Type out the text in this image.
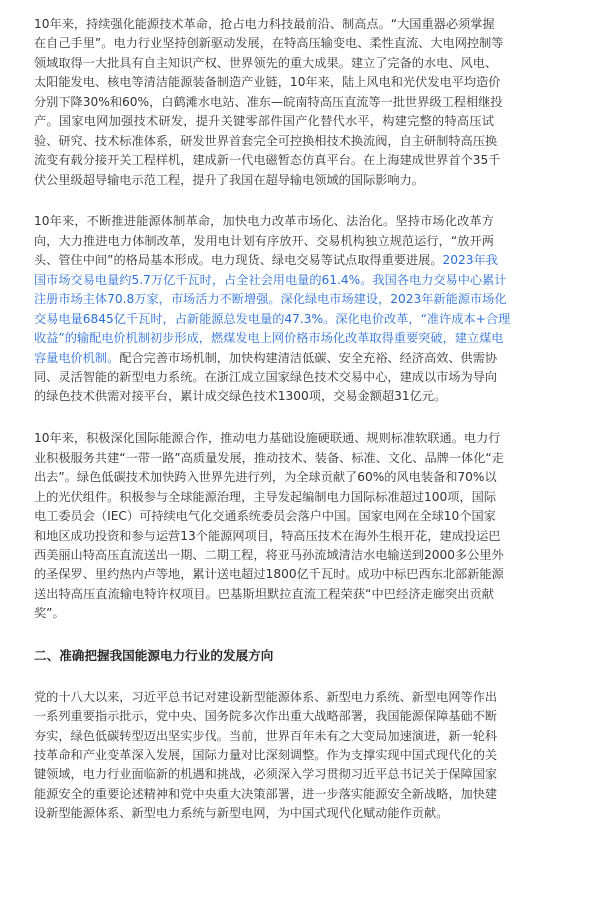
10年来，持续强化能源技术革命，抢占电力科技最前沿、制高点。“大国重器必须掌握
在自己手里”。电力行业坚持创新驱动发展，在特高压输变电、柔性直流、大电网控制等
领域取得一大批具有自主知识产权、世界领先的重大成果。建立了完备的水电、风电、
太阳能发电、核电等清洁能源装备制造产业链，10年来，陆上风电和光伏发电平均造价
分别下降30%和60%，白鹤滩水电站、准东—皖南特高压直流等一批世界级工程相继投
产。国家电网加强技术研发，提升关键零部件国产化替代水平，构建完整的特高压试
验、研究、技术标准体系，研发世界首套完全可控换相技术换流阀，自主研制特高压换
流变有载分接开关工程样机，建成新一代电磁暂态仿真平台。在上海建成世界首个35千
伏公里级超导输电示范工程，提升了我国在超导输电领域的国际影响力。
10年来，不断推进能源体制革命，加快电力改革市场化、法治化。坚持市场化改革方
向，大力推进电力体制改革，发用电计划有序放开、交易机构独立规范运行，“放开两
头、管住中间”的格局基本形成。电力现货、绿电交易等试点取得重要进展。2023年我
国市场交易电量约5.7万亿千瓦时，占全社会用电量的61.4%。我国各电力交易中心累计
注册市场主体70.8万家，市场活力不断增强。深化绿电市场建设，2023年新能源市场化
交易电量6845亿千瓦时，占新能源总发电量的47.3%。深化电价改革，“准许成本+合理
收益”的输配电价机制初步形成，燃煤发电上网价格市场化改革取得重要突破，建立煤电
容量电价机制。配合完善市场机制，加快构建清洁低碳、安全充裕、经济高效、供需协
同、灵活智能的新型电力系统。在浙江成立国家绿色技术交易中心，建成以市场为导向
的绿色技术供需对接平台，累计成交绿色技术1300项，交易金额超31亿元。
10年来，积极深化国际能源合作，推动电力基础设施硬联通、规则标准软联通。电力行
业积极服务共建“一带一路”高质量发展，推动技术、装备、标准、文化、品牌一体化“走
出去”。绿色低碳技术加快跨入世界先进行列，为全球贡献了60%的风电装备和70%以
上的光伏组件。积极参与全球能源治理，主导发起编制电力国际标准超过100项，国际
电工委员会（IEC）可持续电气化交通系统委员会落户中国。国家电网在全球10个国家
和地区成功投资和参与运营13个能源网项目，特高压技术在海外生根开花，建成投运巴
西美丽山特高压直流送出一期、二期工程，将亚马孙流域清洁水电输送到2000多公里外
的圣保罗、里约热内卢等地，累计送电超过1800亿千瓦时。成功中标巴西东北部新能源
送出特高压直流输电特许权项目。巴基斯坦默拉直流工程荣获“中巴经济走廊突出贡献
奖”。
二、准确把握我国能源电力行业的发展方向
党的十八大以来，习近平总书记对建设新型能源体系、新型电力系统、新型电网等作出
一系列重要指示批示，党中央、国务院多次作出重大战略部署，我国能源保障基础不断
夯实，绿色低碳转型迈出坚实步伐。当前，世界百年未有之大变局加速演进，新一轮科
技革命和产业变革深入发展，国际力量对比深刻调整。作为支撑实现中国式现代化的关
键领域，电力行业面临新的机遇和挑战，必须深入学习贯彻习近平总书记关于保障国家
能源安全的重要论述精神和党中央重大决策部署，进一步落实能源安全新战略，加快建
设新型能源体系、新型电力系统与新型电网，为中国式现代化赋动能作贡献。
